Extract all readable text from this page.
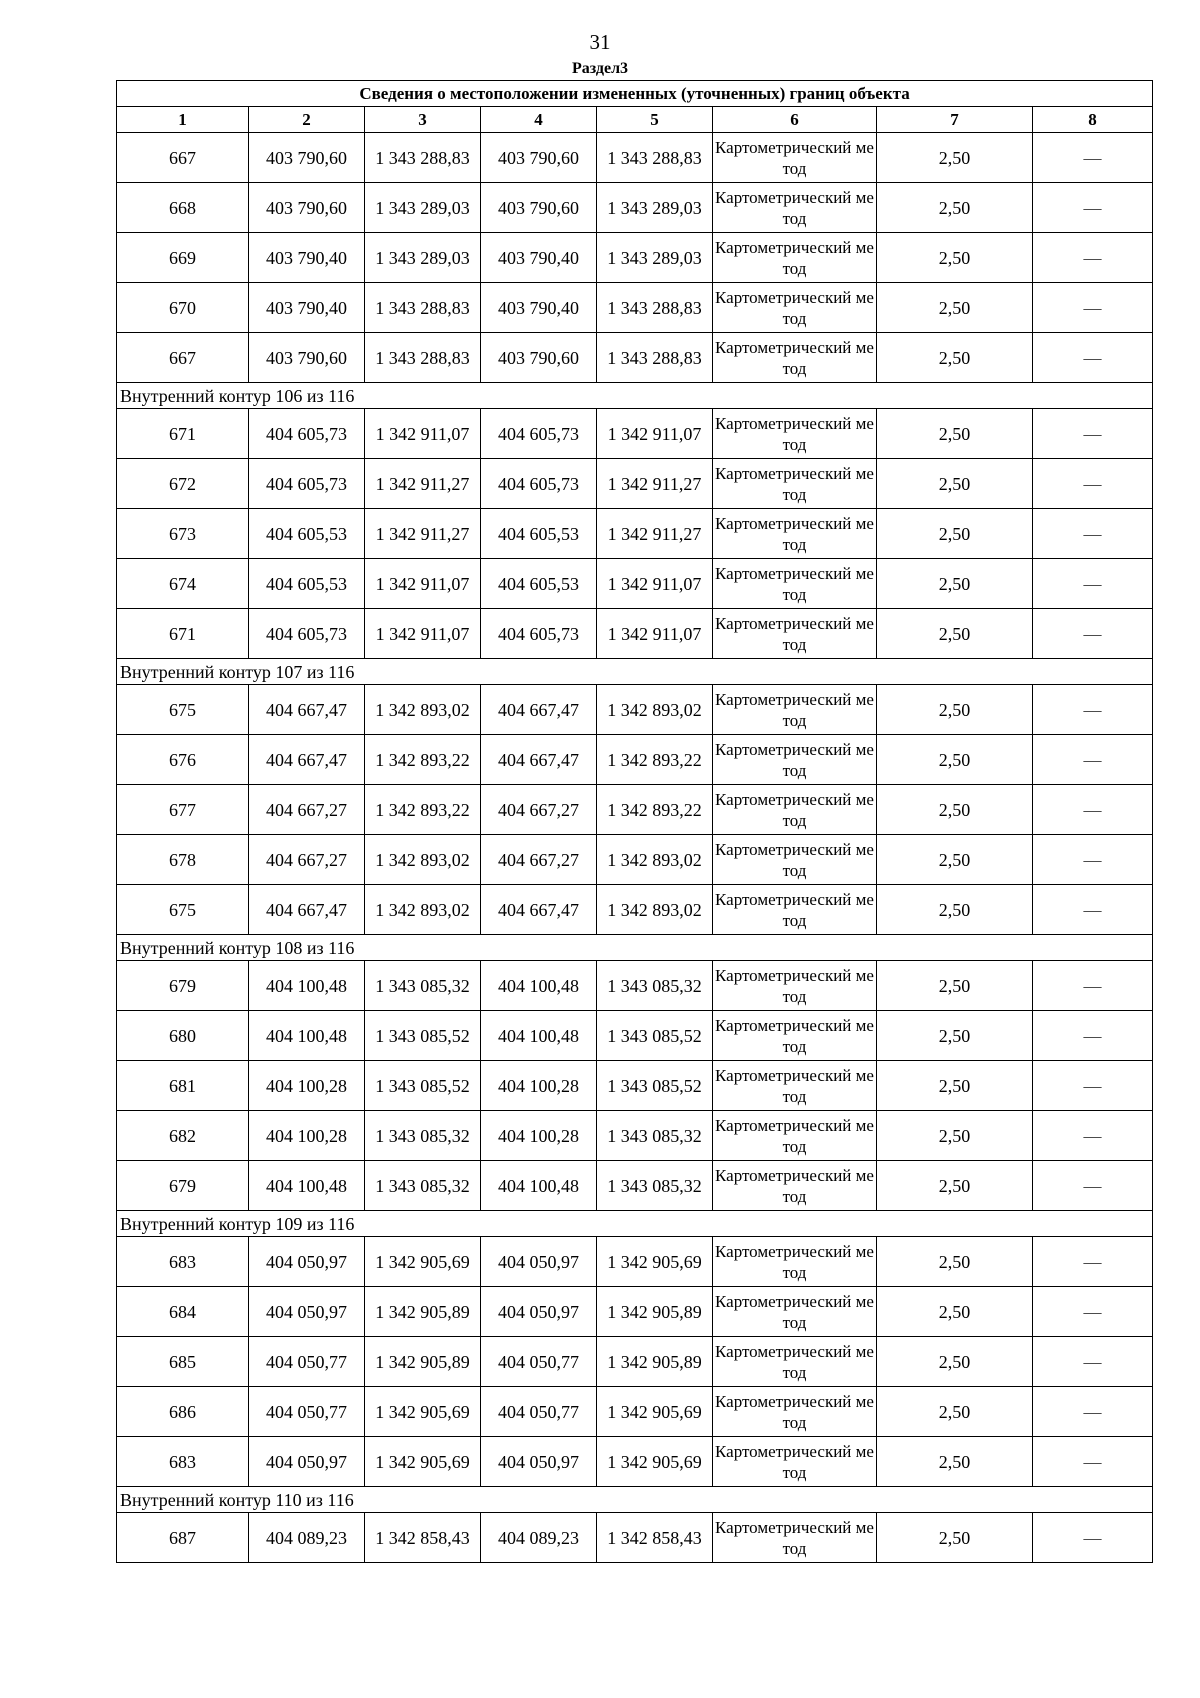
31
Раздел3
Сведения о местоположении измененных (уточненных) границ объекта							
1	2	3	4	5	6	7	8
667	403 790,60	1 343 288,83	403 790,60	1 343 288,83	Картометрический метод	2,50	—
668	403 790,60	1 343 289,03	403 790,60	1 343 289,03	Картометрический метод	2,50	—
669	403 790,40	1 343 289,03	403 790,40	1 343 289,03	Картометрический метод	2,50	—
670	403 790,40	1 343 288,83	403 790,40	1 343 288,83	Картометрический метод	2,50	—
667	403 790,60	1 343 288,83	403 790,60	1 343 288,83	Картометрический метод	2,50	—
Внутренний контур 106 из 116							
671	404 605,73	1 342 911,07	404 605,73	1 342 911,07	Картометрический метод	2,50	—
672	404 605,73	1 342 911,27	404 605,73	1 342 911,27	Картометрический метод	2,50	—
673	404 605,53	1 342 911,27	404 605,53	1 342 911,27	Картометрический метод	2,50	—
674	404 605,53	1 342 911,07	404 605,53	1 342 911,07	Картометрический метод	2,50	—
671	404 605,73	1 342 911,07	404 605,73	1 342 911,07	Картометрический метод	2,50	—
Внутренний контур 107 из 116							
675	404 667,47	1 342 893,02	404 667,47	1 342 893,02	Картометрический метод	2,50	—
676	404 667,47	1 342 893,22	404 667,47	1 342 893,22	Картометрический метод	2,50	—
677	404 667,27	1 342 893,22	404 667,27	1 342 893,22	Картометрический метод	2,50	—
678	404 667,27	1 342 893,02	404 667,27	1 342 893,02	Картометрический метод	2,50	—
675	404 667,47	1 342 893,02	404 667,47	1 342 893,02	Картометрический метод	2,50	—
Внутренний контур 108 из 116							
679	404 100,48	1 343 085,32	404 100,48	1 343 085,32	Картометрический метод	2,50	—
680	404 100,48	1 343 085,52	404 100,48	1 343 085,52	Картометрический метод	2,50	—
681	404 100,28	1 343 085,52	404 100,28	1 343 085,52	Картометрический метод	2,50	—
682	404 100,28	1 343 085,32	404 100,28	1 343 085,32	Картометрический метод	2,50	—
679	404 100,48	1 343 085,32	404 100,48	1 343 085,32	Картометрический метод	2,50	—
Внутренний контур 109 из 116							
683	404 050,97	1 342 905,69	404 050,97	1 342 905,69	Картометрический метод	2,50	—
684	404 050,97	1 342 905,89	404 050,97	1 342 905,89	Картометрический метод	2,50	—
685	404 050,77	1 342 905,89	404 050,77	1 342 905,89	Картометрический метод	2,50	—
686	404 050,77	1 342 905,69	404 050,77	1 342 905,69	Картометрический метод	2,50	—
683	404 050,97	1 342 905,69	404 050,97	1 342 905,69	Картометрический метод	2,50	—
Внутренний контур 110 из 116							
687	404 089,23	1 342 858,43	404 089,23	1 342 858,43	Картометрический метод	2,50	—
